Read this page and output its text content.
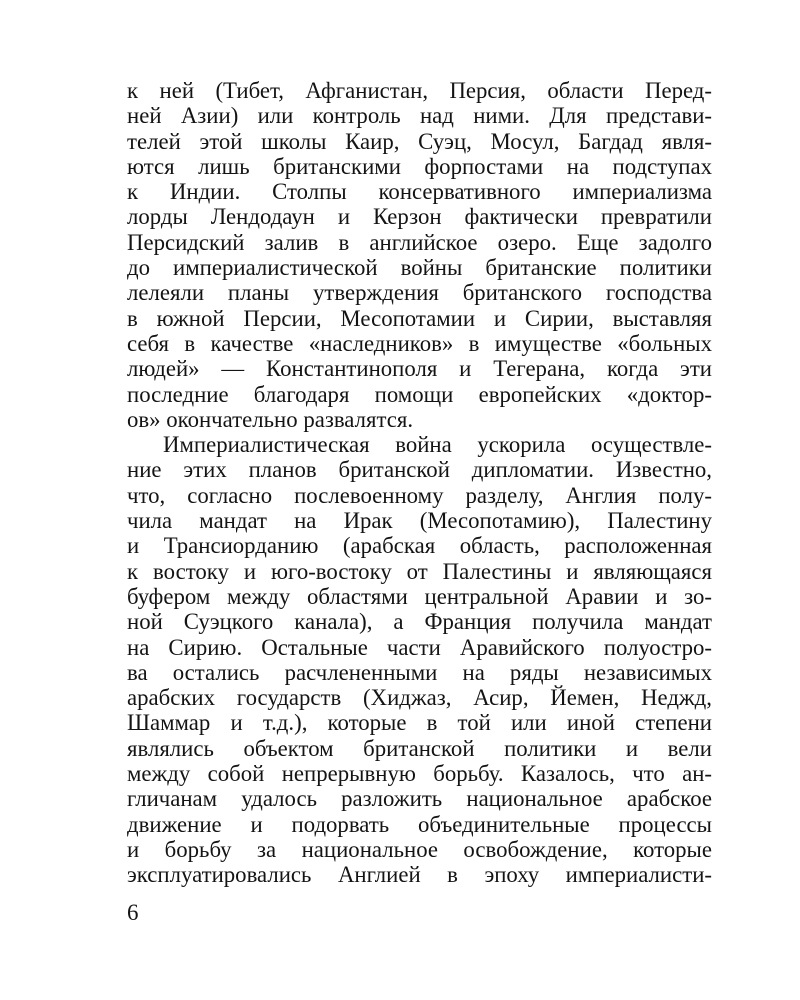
к ней (Тибет, Афганистан, Персия, области Перед-
ней Азии) или контроль над ними. Для представи-
телей этой школы Каир, Суэц, Мосул, Багдад явля-
ются лишь британскими форпостами на подступах
к Индии. Столпы консервативного империализма
лорды Лендодаун и Керзон фактически превратили
Персидский залив в английское озеро. Еще задолго
до империалистической войны британские политики
лелеяли планы утверждения британского господства
в южной Персии, Месопотамии и Сирии, выставляя
себя в качестве «наследников» в имуществе «больных
людей» — Константинополя и Тегерана, когда эти
последние благодаря помощи европейских «доктор-
ов» окончательно развалятся.
Империалистическая война ускорила осуществле-
ние этих планов британской дипломатии. Известно,
что, согласно послевоенному разделу, Англия полу-
чила мандат на Ирак (Месопотамию), Палестину
и Трансиорданию (арабская область, расположенная
к востоку и юго-востоку от Палестины и являющаяся
буфером между областями центральной Аравии и зо-
ной Суэцкого канала), а Франция получила мандат
на Сирию. Остальные части Аравийского полуостро-
ва остались расчлененными на ряды независимых
арабских государств (Хиджаз, Асир, Йемен, Неджд,
Шаммар и т.д.), которые в той или иной степени
являлись объектом британской политики и вели
между собой непрерывную борьбу. Казалось, что ан-
гличанам удалось разложить национальное арабское
движение и подорвать объединительные процессы
и борьбу за национальное освобождение, которые
эксплуатировались Англией в эпоху империалисти-
6
